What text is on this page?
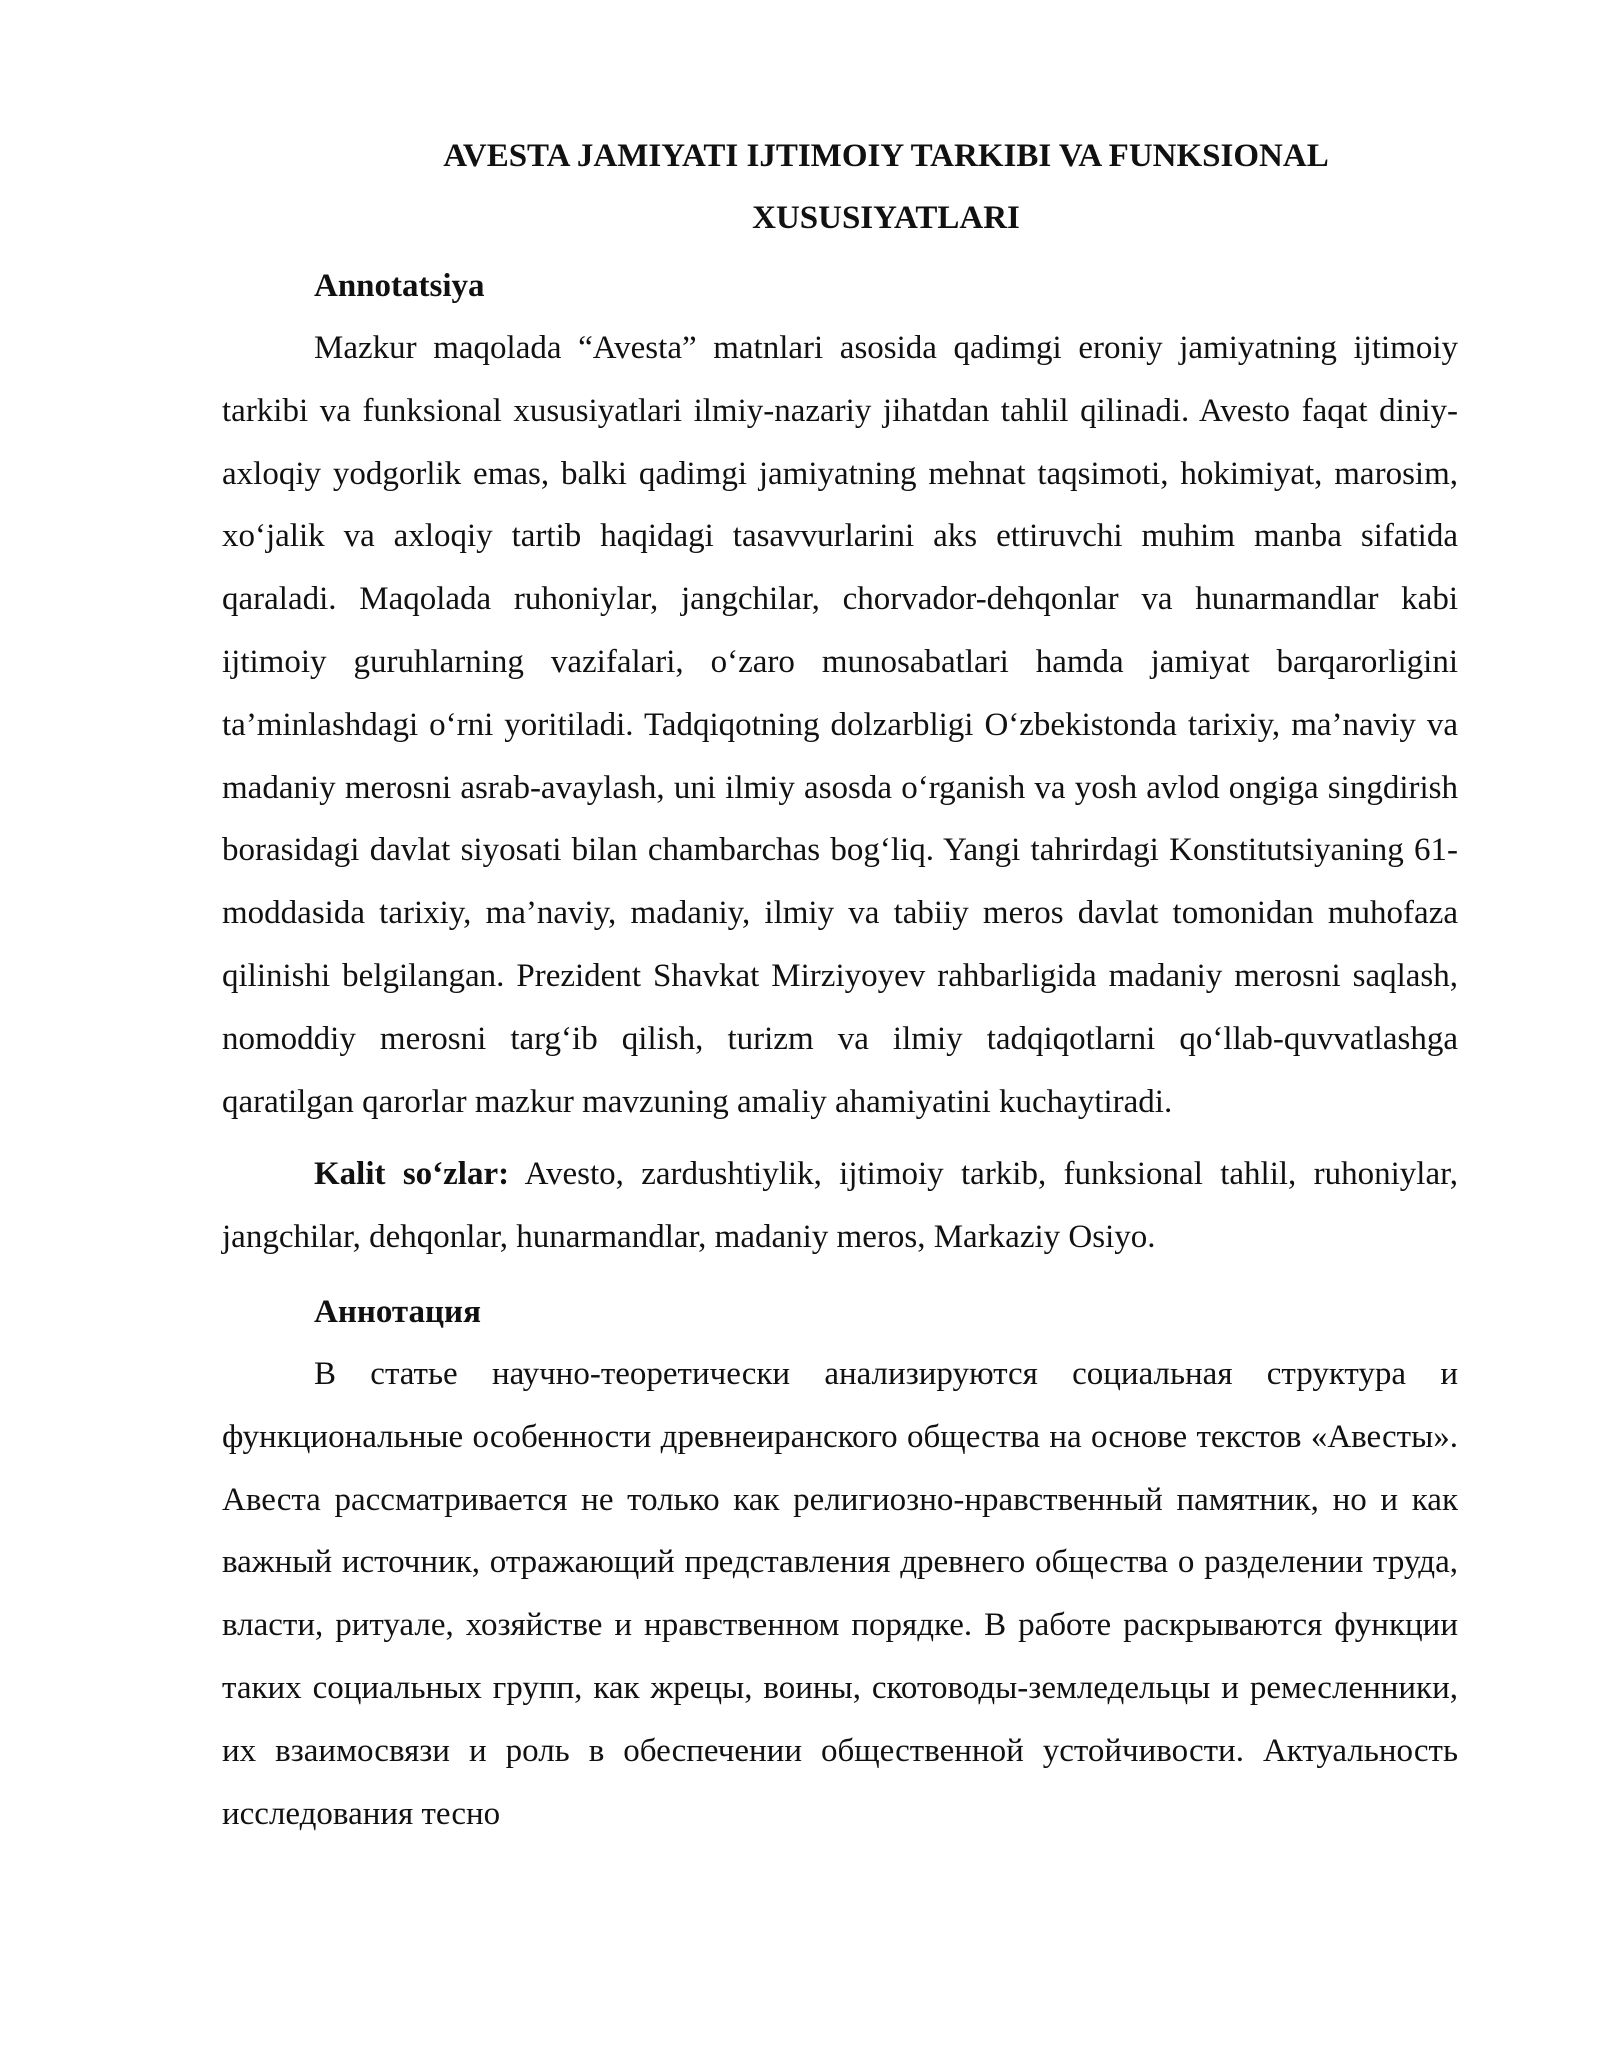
AVESTA JAMIYATI IJTIMOIY TARKIBI VA FUNKSIONAL XUSUSIYATLARI
Annotatsiya

Mazkur maqolada “Avesta” matnlari asosida qadimgi eroniy jamiyatning ijtimoiy tarkibi va funksional xususiyatlari ilmiy-nazariy jihatdan tahlil qilinadi. Avesto faqat diniy-axloqiy yodgorlik emas, balki qadimgi jamiyatning mehnat taqsimoti, hokimiyat, marosim, xo‘jalik va axloqiy tartib haqidagi tasavvurlarini aks ettiruvchi muhim manba sifatida qaraladi. Maqolada ruhoniylar, jangchilar, chorvador-dehqonlar va hunarmandlar kabi ijtimoiy guruhlarning vazifalari, o‘zaro munosabatlari hamda jamiyat barqarorligini ta’minlashdagi o‘rni yoritiladi. Tadqiqotning dolzarbligi O‘zbekistonda tarixiy, ma’naviy va madaniy merosni asrab-avaylash, uni ilmiy asosda o‘rganish va yosh avlod ongiga singdirish borasidagi davlat siyosati bilan chambarchas bog‘liq. Yangi tahrirdagi Konstitutsiyaning 61-moddasida tarixiy, ma’naviy, madaniy, ilmiy va tabiiy meros davlat tomonidan muhofaza qilinishi belgilangan. Prezident Shavkat Mirziyoyev rahbarligida madaniy merosni saqlash, nomoddiy merosni targ‘ib qilish, turizm va ilmiy tadqiqotlarni qo‘llab-quvvatlashga qaratilgan qarorlar mazkur mavzuning amaliy ahamiyatini kuchaytiradi.

Kalit so‘zlar: Avesto, zardushtiylik, ijtimoiy tarkib, funksional tahlil, ruhoniylar, jangchilar, dehqonlar, hunarmandlar, madaniy meros, Markaziy Osiyo.

Аннотация

В статье научно-теоретически анализируются социальная структура и функциональные особенности древнеиранского общества на основе текстов «Авесты». Авеста рассматривается не только как религиозно-нравственный памятник, но и как важный источник, отражающий представления древнего общества о разделении труда, власти, ритуале, хозяйстве и нравственном порядке. В работе раскрываются функции таких социальных групп, как жрецы, воины, скотоводы-земледельцы и ремесленники, их взаимосвязи и роль в обеспечении общественной устойчивости. Актуальность исследования тесно
